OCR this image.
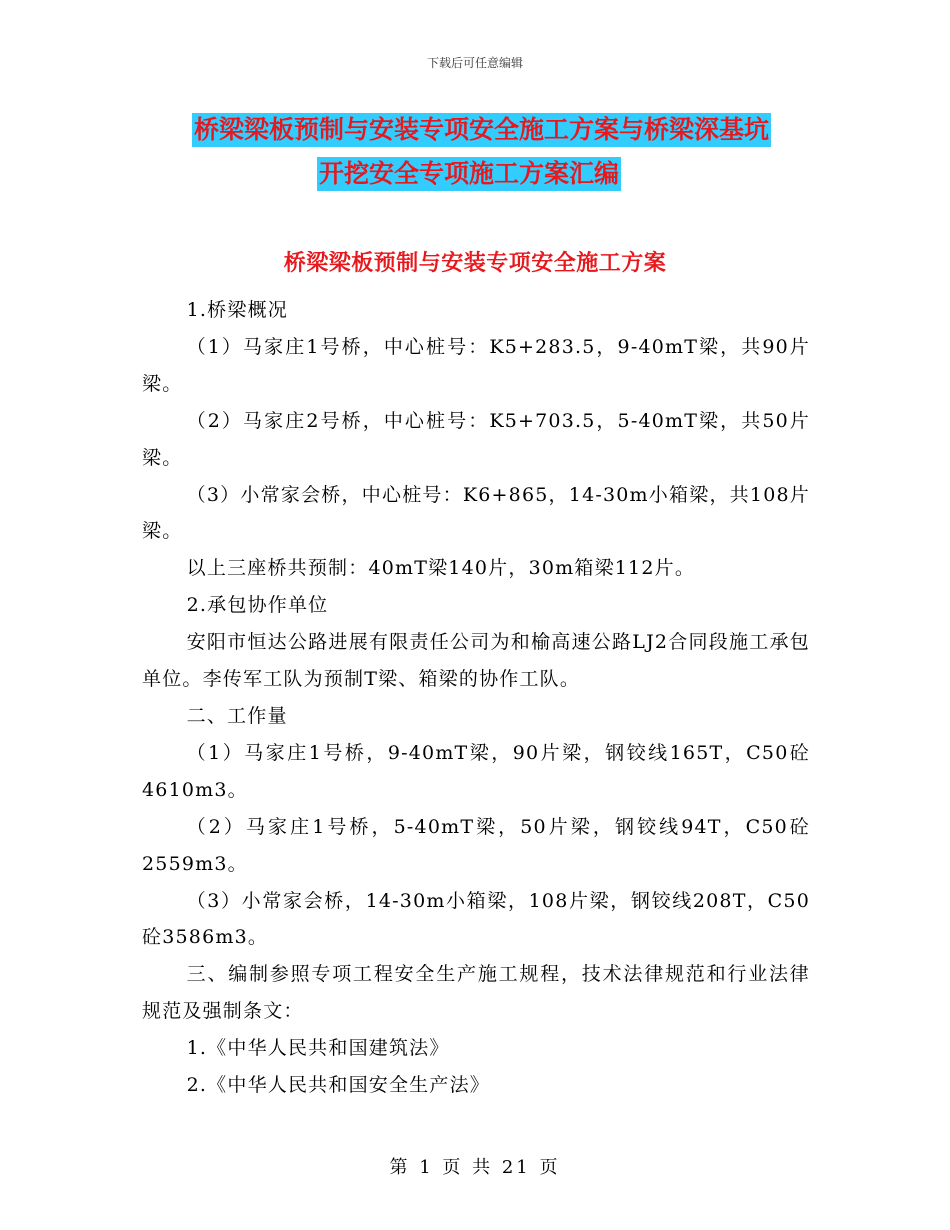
下载后可任意编辑
桥梁梁板预制与安装专项安全施工方案与桥梁深基坑
开挖安全专项施工方案汇编
桥梁梁板预制与安装专项安全施工方案

1.桥梁概况

（1）马家庄1号桥，中心桩号：K5+283.5，9-40mT梁，共90片梁。

（2）马家庄2号桥，中心桩号：K5+703.5，5-40mT梁，共50片梁。

（3）小常家会桥，中心桩号：K6+865，14-30m小箱梁，共108片梁。

以上三座桥共预制：40mT梁140片，30m箱梁112片。

2.承包协作单位

安阳市恒达公路进展有限责任公司为和榆高速公路LJ2合同段施工承包单位。李传军工队为预制T梁、箱梁的协作工队。

二、工作量

（1）马家庄1号桥，9-40mT梁，90片梁，钢铰线165T，C50砼4610m3。

（2）马家庄1号桥，5-40mT梁，50片梁，钢铰线94T，C50砼2559m3。

（3）小常家会桥，14-30m小箱梁，108片梁，钢铰线208T，C50砼3586m3。

三、编制参照专项工程安全生产施工规程，技术法律规范和行业法律规范及强制条文：

1.《中华人民共和国建筑法》

2.《中华人民共和国安全生产法》

第 1 页 共 21 页
